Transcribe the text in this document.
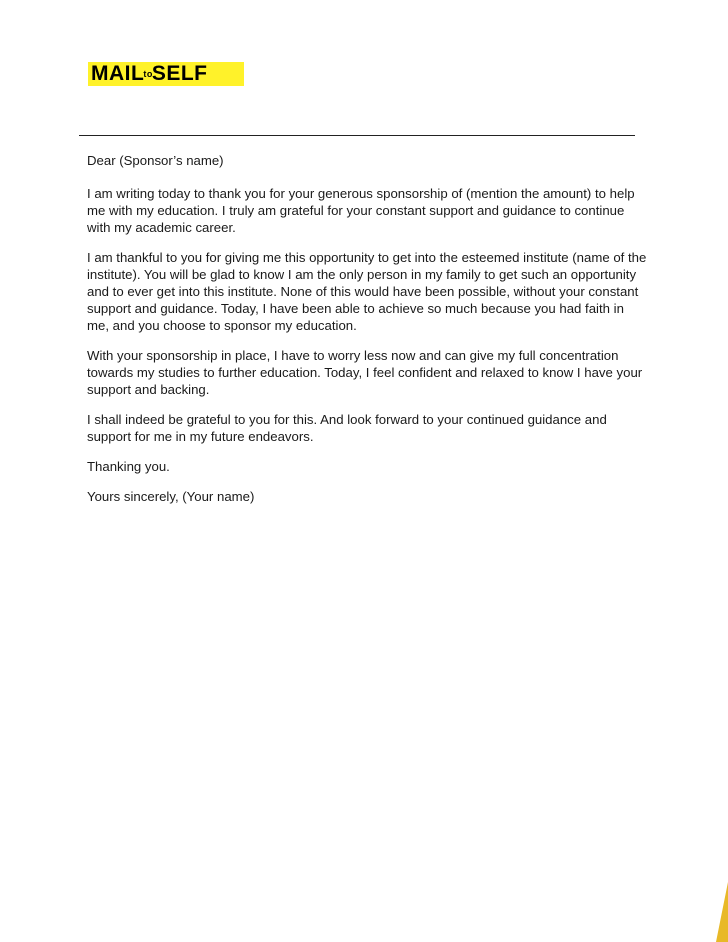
MAILtoSELF

Dear (Sponsor’s name)

I am writing today to thank you for your generous sponsorship of (mention the amount) to help me with my education. I truly am grateful for your constant support and guidance to continue with my academic career.

I am thankful to you for giving me this opportunity to get into the esteemed institute (name of the institute). You will be glad to know I am the only person in my family to get such an opportunity and to ever get into this institute. None of this would have been possible, without your constant support and guidance. Today, I have been able to achieve so much because you had faith in me, and you choose to sponsor my education.

With your sponsorship in place, I have to worry less now and can give my full concentration towards my studies to further education. Today, I feel confident and relaxed to know I have your support and backing.

I shall indeed be grateful to you for this. And look forward to your continued guidance and support for me in my future endeavors.

Thanking you.

Yours sincerely, (Your name)
